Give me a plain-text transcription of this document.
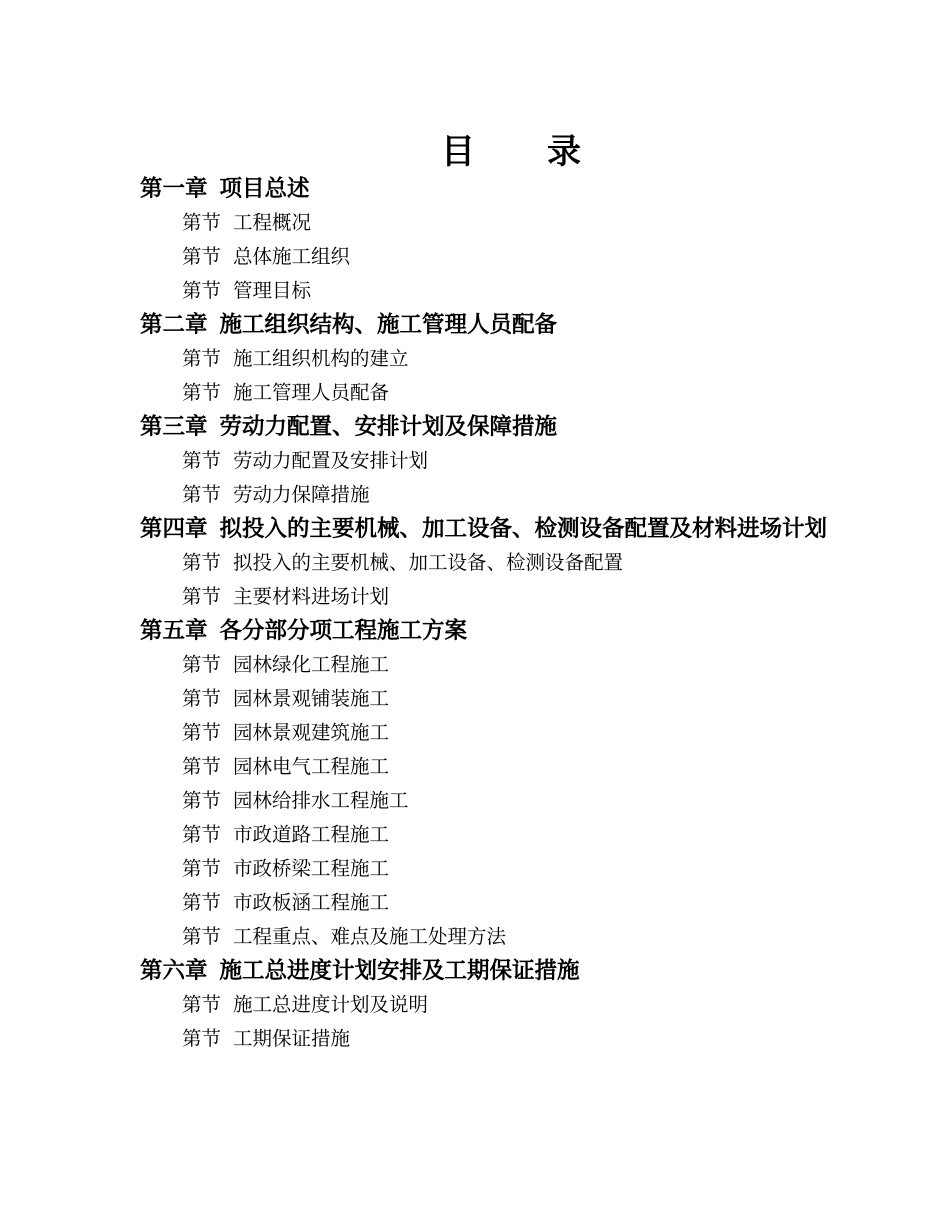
目 录

第一章 项目总述

第节 工程概况

第节 总体施工组织

第节 管理目标

第二章 施工组织结构、施工管理人员配备

第节 施工组织机构的建立

第节 施工管理人员配备

第三章 劳动力配置、安排计划及保障措施

第节 劳动力配置及安排计划

第节 劳动力保障措施

第四章 拟投入的主要机械、加工设备、检测设备配置及材料进场计划

第节 拟投入的主要机械、加工设备、检测设备配置

第节 主要材料进场计划

第五章 各分部分项工程施工方案

第节 园林绿化工程施工

第节 园林景观铺装施工

第节 园林景观建筑施工

第节 园林电气工程施工

第节 园林给排水工程施工

第节 市政道路工程施工

第节 市政桥梁工程施工

第节 市政板涵工程施工

第节 工程重点、难点及施工处理方法

第六章 施工总进度计划安排及工期保证措施

第节 施工总进度计划及说明

第节 工期保证措施
